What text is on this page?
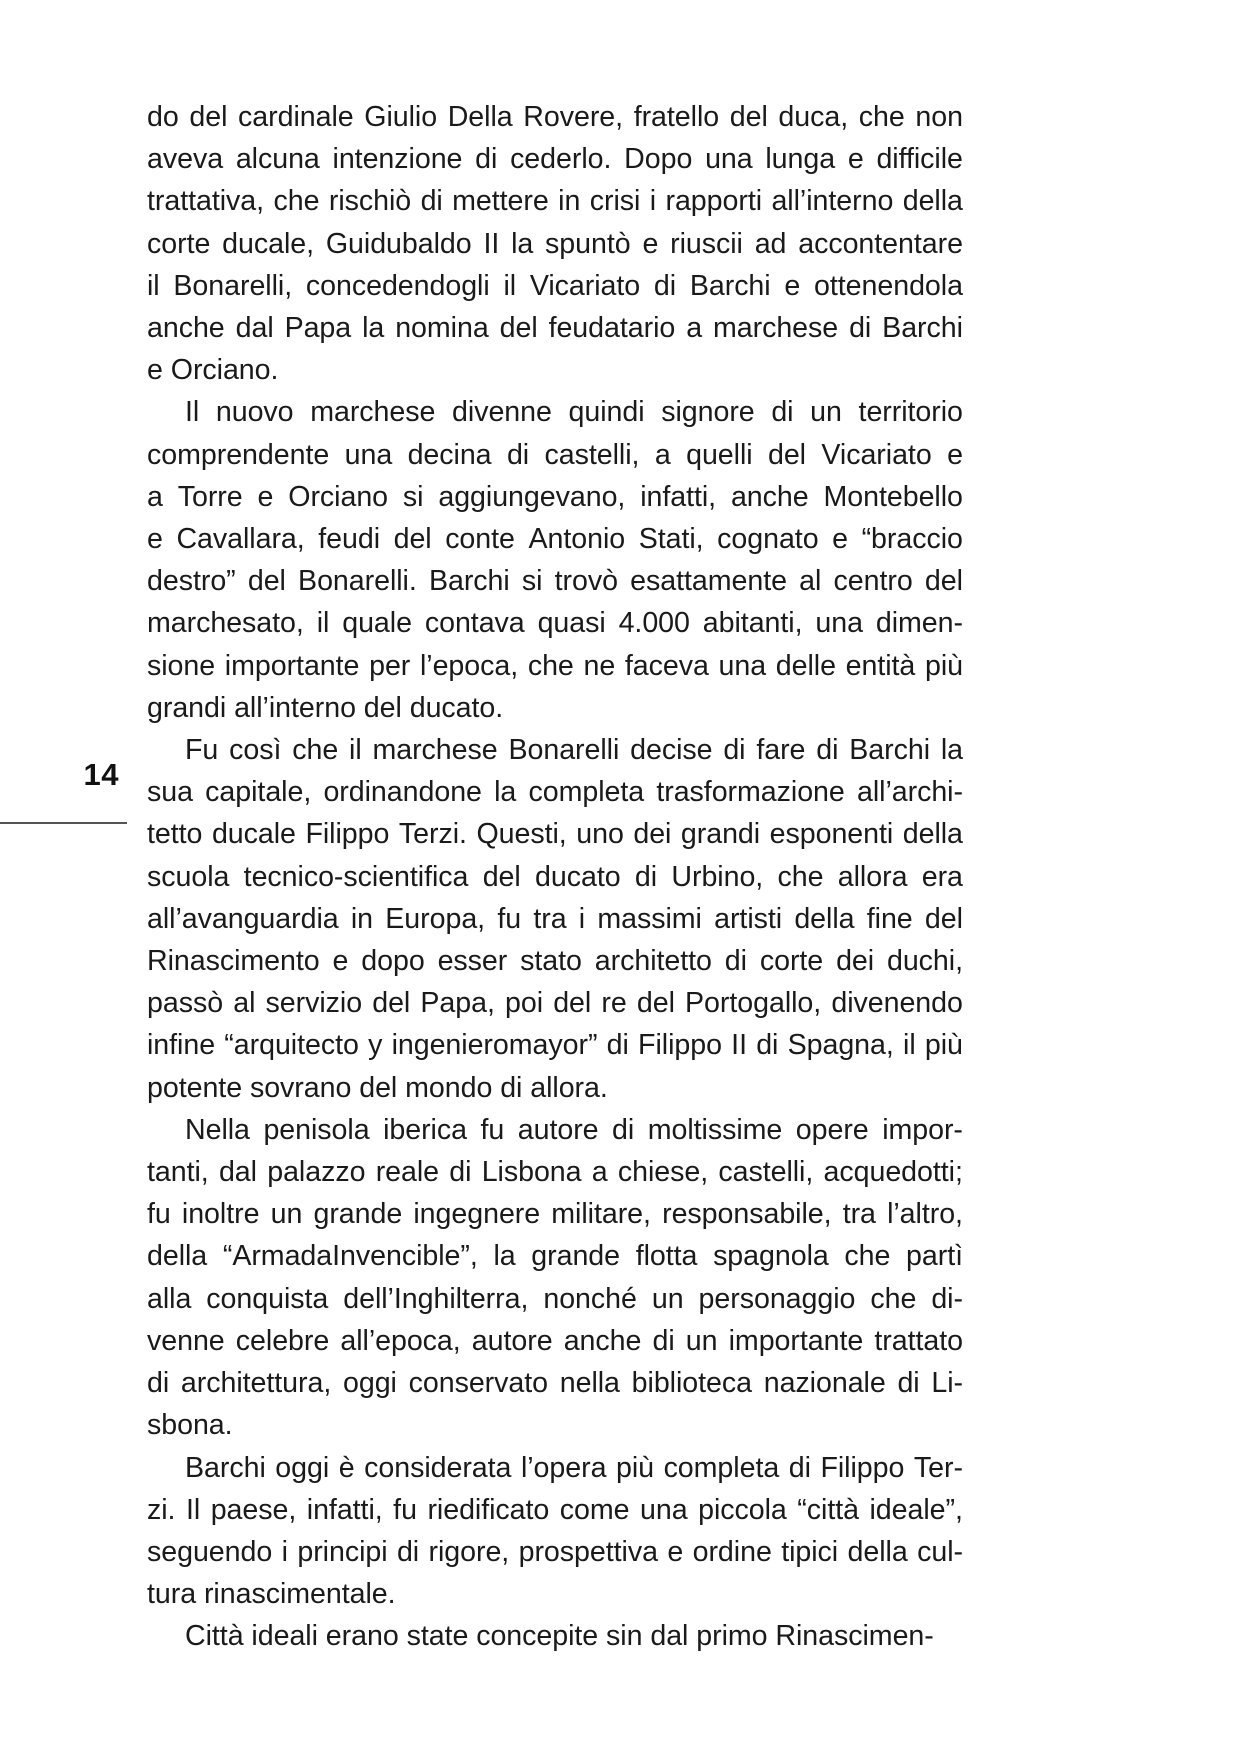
14

do del cardinale Giulio Della Rovere, fratello del duca, che non
aveva alcuna intenzione di cederlo. Dopo una lunga e difficile
trattativa, che rischiò di mettere in crisi i rapporti all’interno della
corte ducale, Guidubaldo II la spuntò e riuscii ad accontentare
il Bonarelli, concedendogli il Vicariato di Barchi e ottenendola
anche dal Papa la nomina del feudatario a marchese di Barchi
e Orciano.

Il nuovo marchese divenne quindi signore di un territorio
comprendente una decina di castelli, a quelli del Vicariato e
a Torre e Orciano si aggiungevano, infatti, anche Montebello
e Cavallara, feudi del conte Antonio Stati, cognato e “braccio
destro” del Bonarelli. Barchi si trovò esattamente al centro del
marchesato, il quale contava quasi 4.000 abitanti, una dimen-
sione importante per l’epoca, che ne faceva una delle entità più
grandi all’interno del ducato.

Fu così che il marchese Bonarelli decise di fare di Barchi la
sua capitale, ordinandone la completa trasformazione all’archi-
tetto ducale Filippo Terzi. Questi, uno dei grandi esponenti della
scuola tecnico-scientifica del ducato di Urbino, che allora era
all’avanguardia in Europa, fu tra i massimi artisti della fine del
Rinascimento e dopo esser stato architetto di corte dei duchi,
passò al servizio del Papa, poi del re del Portogallo, divenendo
infine “arquitecto y ingenieromayor” di Filippo II di Spagna, il più
potente sovrano del mondo di allora.

Nella penisola iberica fu autore di moltissime opere impor-
tanti, dal palazzo reale di Lisbona a chiese, castelli, acquedotti;
fu inoltre un grande ingegnere militare, responsabile, tra l’altro,
della “ArmadaInvencible”, la grande flotta spagnola che partì
alla conquista dell’Inghilterra, nonché un personaggio che di-
venne celebre all’epoca, autore anche di un importante trattato
di architettura, oggi conservato nella biblioteca nazionale di Li-
sbona.

Barchi oggi è considerata l’opera più completa di Filippo Ter-
zi. Il paese, infatti, fu riedificato come una piccola “città ideale”,
seguendo i principi di rigore, prospettiva e ordine tipici della cul-
tura rinascimentale.

Città ideali erano state concepite sin dal primo Rinascimen-
